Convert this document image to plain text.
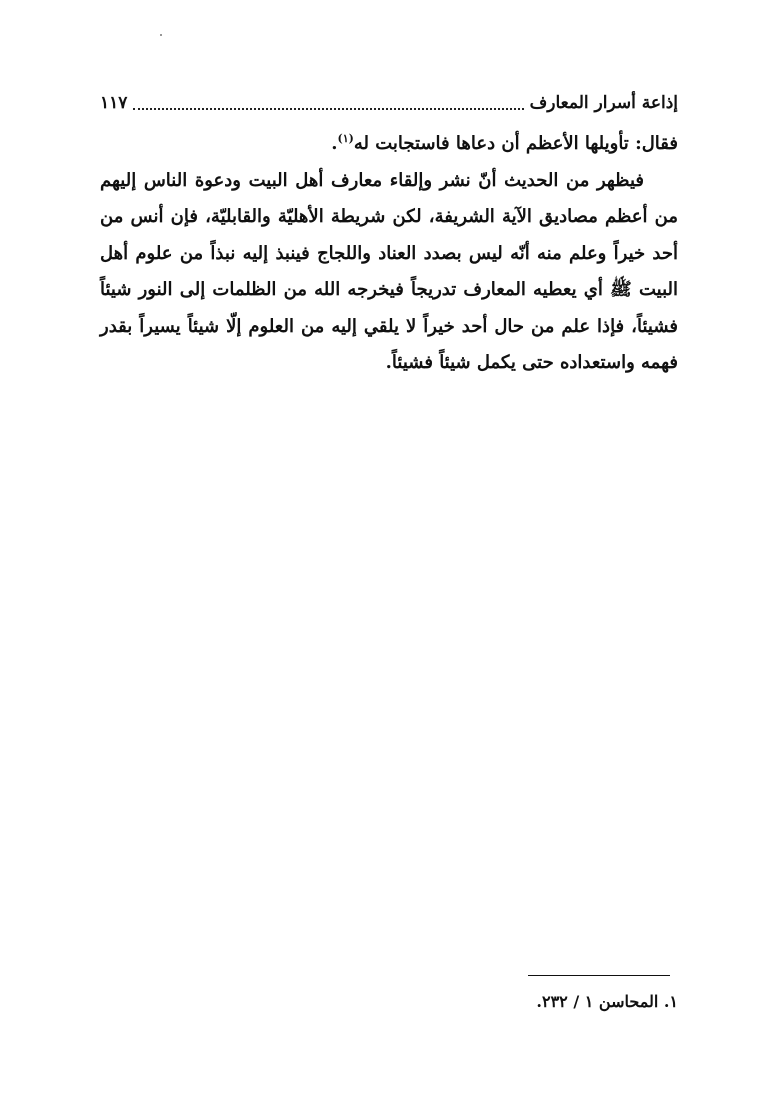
إذاعة أسرار المعارف
١١٧

فقال: تأويلها الأعظم أن دعاها فاستجابت له$^{(١)}$.

فيظهر من الحديث أنّ نشر وإلقاء معارف أهل البيت ودعوة الناس إليهم من أعظم مصاديق الآية الشريفة، لكن شريطة الأهليّة والقابليّة، فإن أنس من أحد خيراً وعلم منه أنّه ليس بصدد العناد واللجاج فينبذ إليه نبذاً من علوم أهل البيت ﷺ أي يعطيه المعارف تدريجاً فيخرجه الله من الظلمات إلى النور شيئاً فشيئاً، فإذا علم من حال أحد خيراً لا يلقي إليه من العلوم إلّا شيئاً يسيراً بقدر فهمه واستعداده حتى يكمل شيئاً فشيئاً.

١. المحاسن ١ / ٢٣٢.
